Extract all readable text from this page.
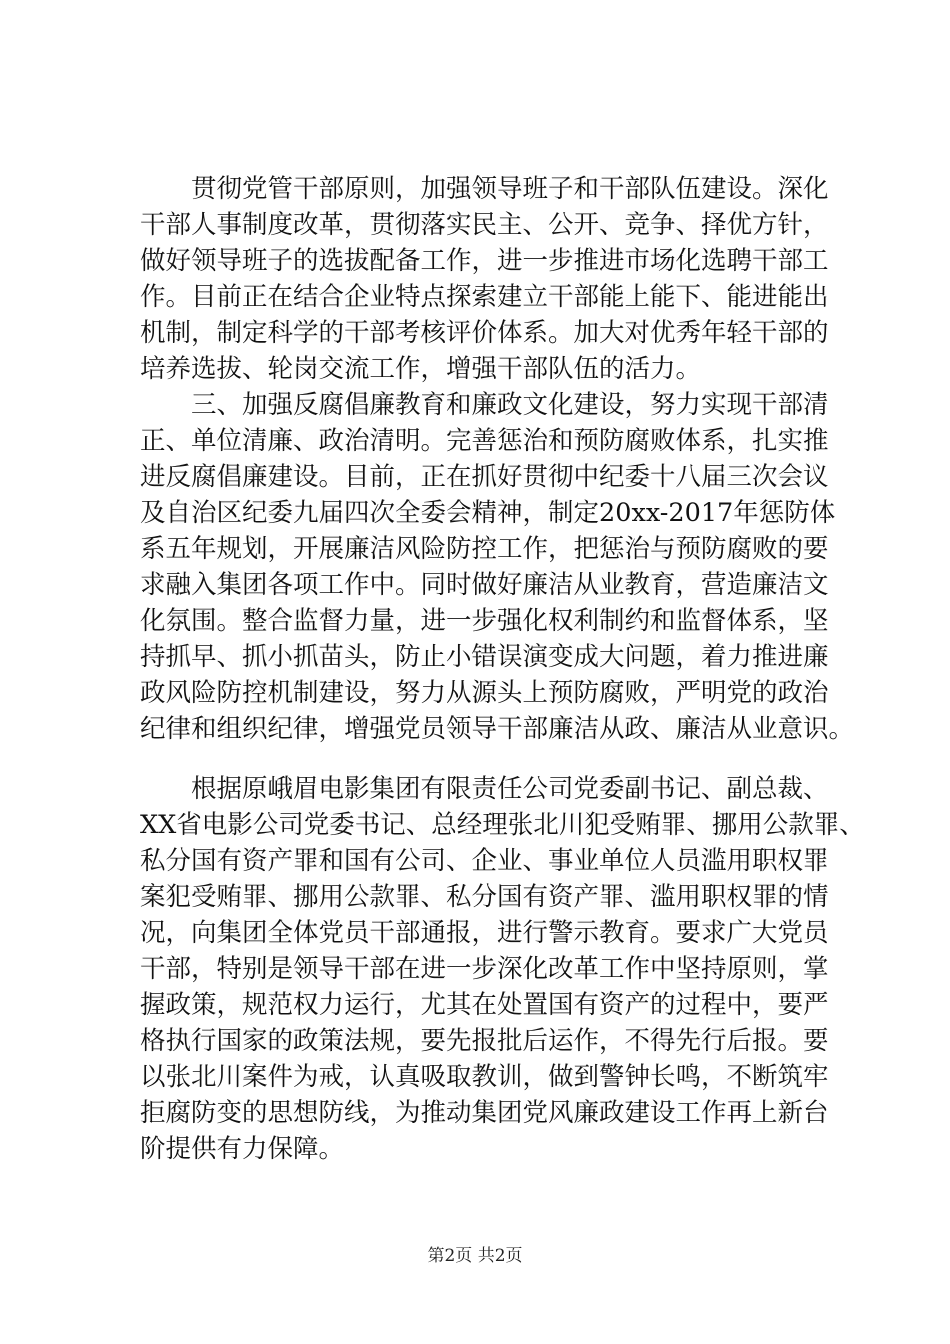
　　贯彻党管干部原则，加强领导班子和干部队伍建设。深化
干部人事制度改革，贯彻落实民主、公开、竞争、择优方针，
做好领导班子的选拔配备工作，进一步推进市场化选聘干部工
作。目前正在结合企业特点探索建立干部能上能下、能进能出
机制，制定科学的干部考核评价体系。加大对优秀年轻干部的
培养选拔、轮岗交流工作，增强干部队伍的活力。
　　三、加强反腐倡廉教育和廉政文化建设，努力实现干部清
正、单位清廉、政治清明。完善惩治和预防腐败体系，扎实推
进反腐倡廉建设。目前，正在抓好贯彻中纪委十八届三次会议
及自治区纪委九届四次全委会精神，制定20xx-2017年惩防体
系五年规划，开展廉洁风险防控工作，把惩治与预防腐败的要
求融入集团各项工作中。同时做好廉洁从业教育，营造廉洁文
化氛围。整合监督力量，进一步强化权利制约和监督体系，坚
持抓早、抓小抓苗头，防止小错误演变成大问题，着力推进廉
政风险防控机制建设，努力从源头上预防腐败，严明党的政治
纪律和组织纪律，增强党员领导干部廉洁从政、廉洁从业意识。
　　根据原峨眉电影集团有限责任公司党委副书记、副总裁、
XX省电影公司党委书记、总经理张北川犯受贿罪、挪用公款罪、
私分国有资产罪和国有公司、企业、事业单位人员滥用职权罪
案犯受贿罪、挪用公款罪、私分国有资产罪、滥用职权罪的情
况，向集团全体党员干部通报，进行警示教育。要求广大党员
干部，特别是领导干部在进一步深化改革工作中坚持原则，掌
握政策，规范权力运行，尤其在处置国有资产的过程中，要严
格执行国家的政策法规，要先报批后运作，不得先行后报。要
以张北川案件为戒，认真吸取教训，做到警钟长鸣，不断筑牢
拒腐防变的思想防线，为推动集团党风廉政建设工作再上新台
阶提供有力保障。
第2页 共2页
